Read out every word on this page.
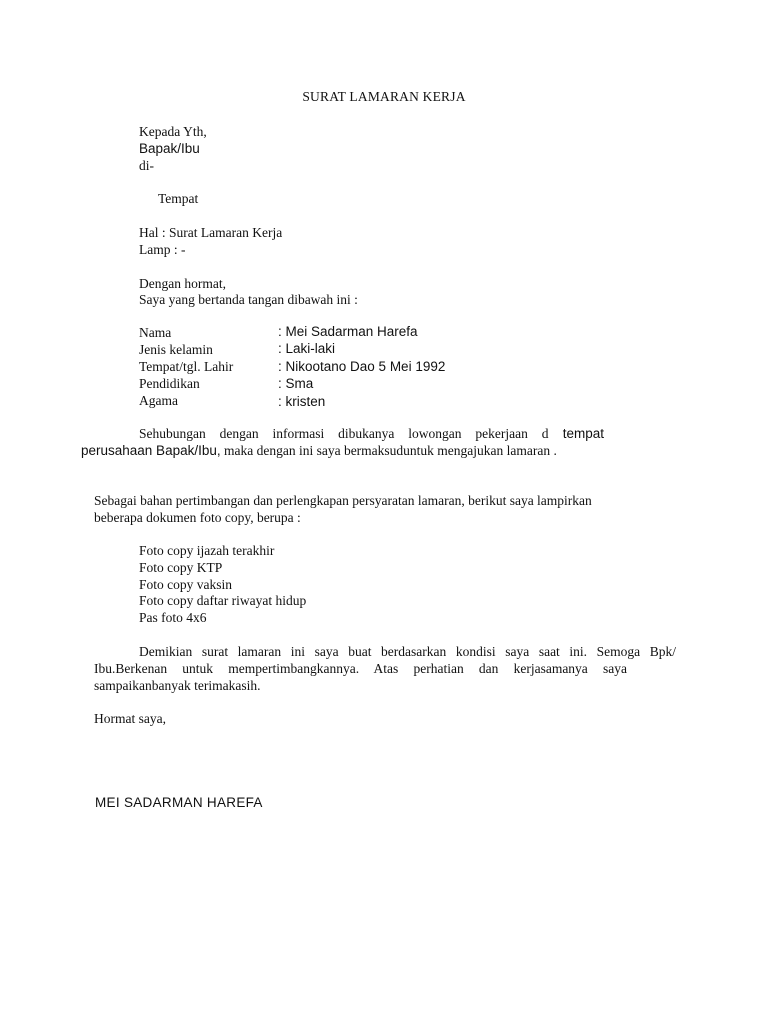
SURAT LAMARAN KERJA
Kepada Yth,
Bapak/Ibu
di-
Tempat
Hal : Surat Lamaran Kerja
Lamp : -
Dengan hormat,
Saya yang bertanda tangan dibawah ini :
Nama	: Mei Sadarman Harefa
Jenis kelamin	: Laki-laki
Tempat/tgl. Lahir	: Nikootano Dao 5 Mei 1992
Pendidikan	: Sma
Agama	: kristen
Sehubungan dengan informasi dibukanya lowongan pekerjaan d tempat
perusahaan Bapak/Ibu, maka dengan ini saya bermaksuduntuk mengajukan lamaran .
Sebagai bahan pertimbangan dan perlengkapan persyaratan lamaran, berikut saya lampirkan
beberapa dokumen foto copy, berupa :
Foto copy ijazah terakhir
Foto copy KTP
Foto copy vaksin
Foto copy daftar riwayat hidup
Pas foto 4x6
Demikian surat lamaran ini saya buat berdasarkan kondisi saya saat ini. Semoga Bpk/
Ibu.Berkenan untuk mempertimbangkannya. Atas perhatian dan kerjasamanya saya
sampaikanbanyak terimakasih.
Hormat saya,
MEI SADARMAN HAREFA
